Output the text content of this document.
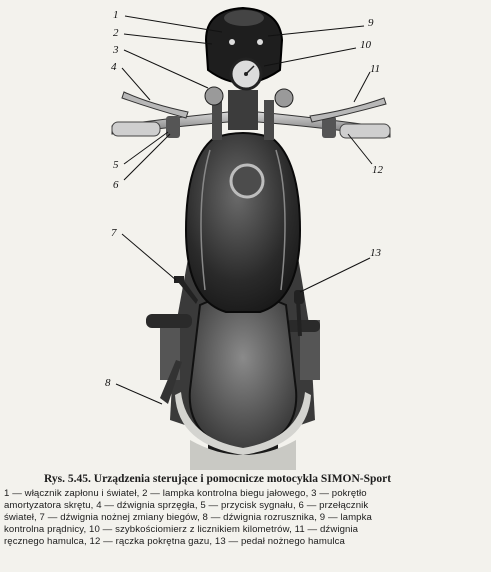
1
2
3
4
5
6
7
8
9
10
11
12
13

Rys. 5.45. Urządzenia sterujące i pomocnicze motocykla SIMON-Sport

1 — włącznik zapłonu i świateł, 2 — lampka kontrolna biegu jałowego, 3 — pokrętło
amortyzatora skrętu, 4 — dźwignia sprzęgła, 5 — przycisk sygnału, 6 — przełącznik
świateł, 7 — dźwignia nożnej zmiany biegów, 8 — dźwignia rozrusznika, 9 — lampka
kontrolna prądnicy, 10 — szybkościomierz z licznikiem kilometrów, 11 — dźwignia
ręcznego hamulca, 12 — rączka pokrętna gazu, 13 — pedał nożnego hamulca
